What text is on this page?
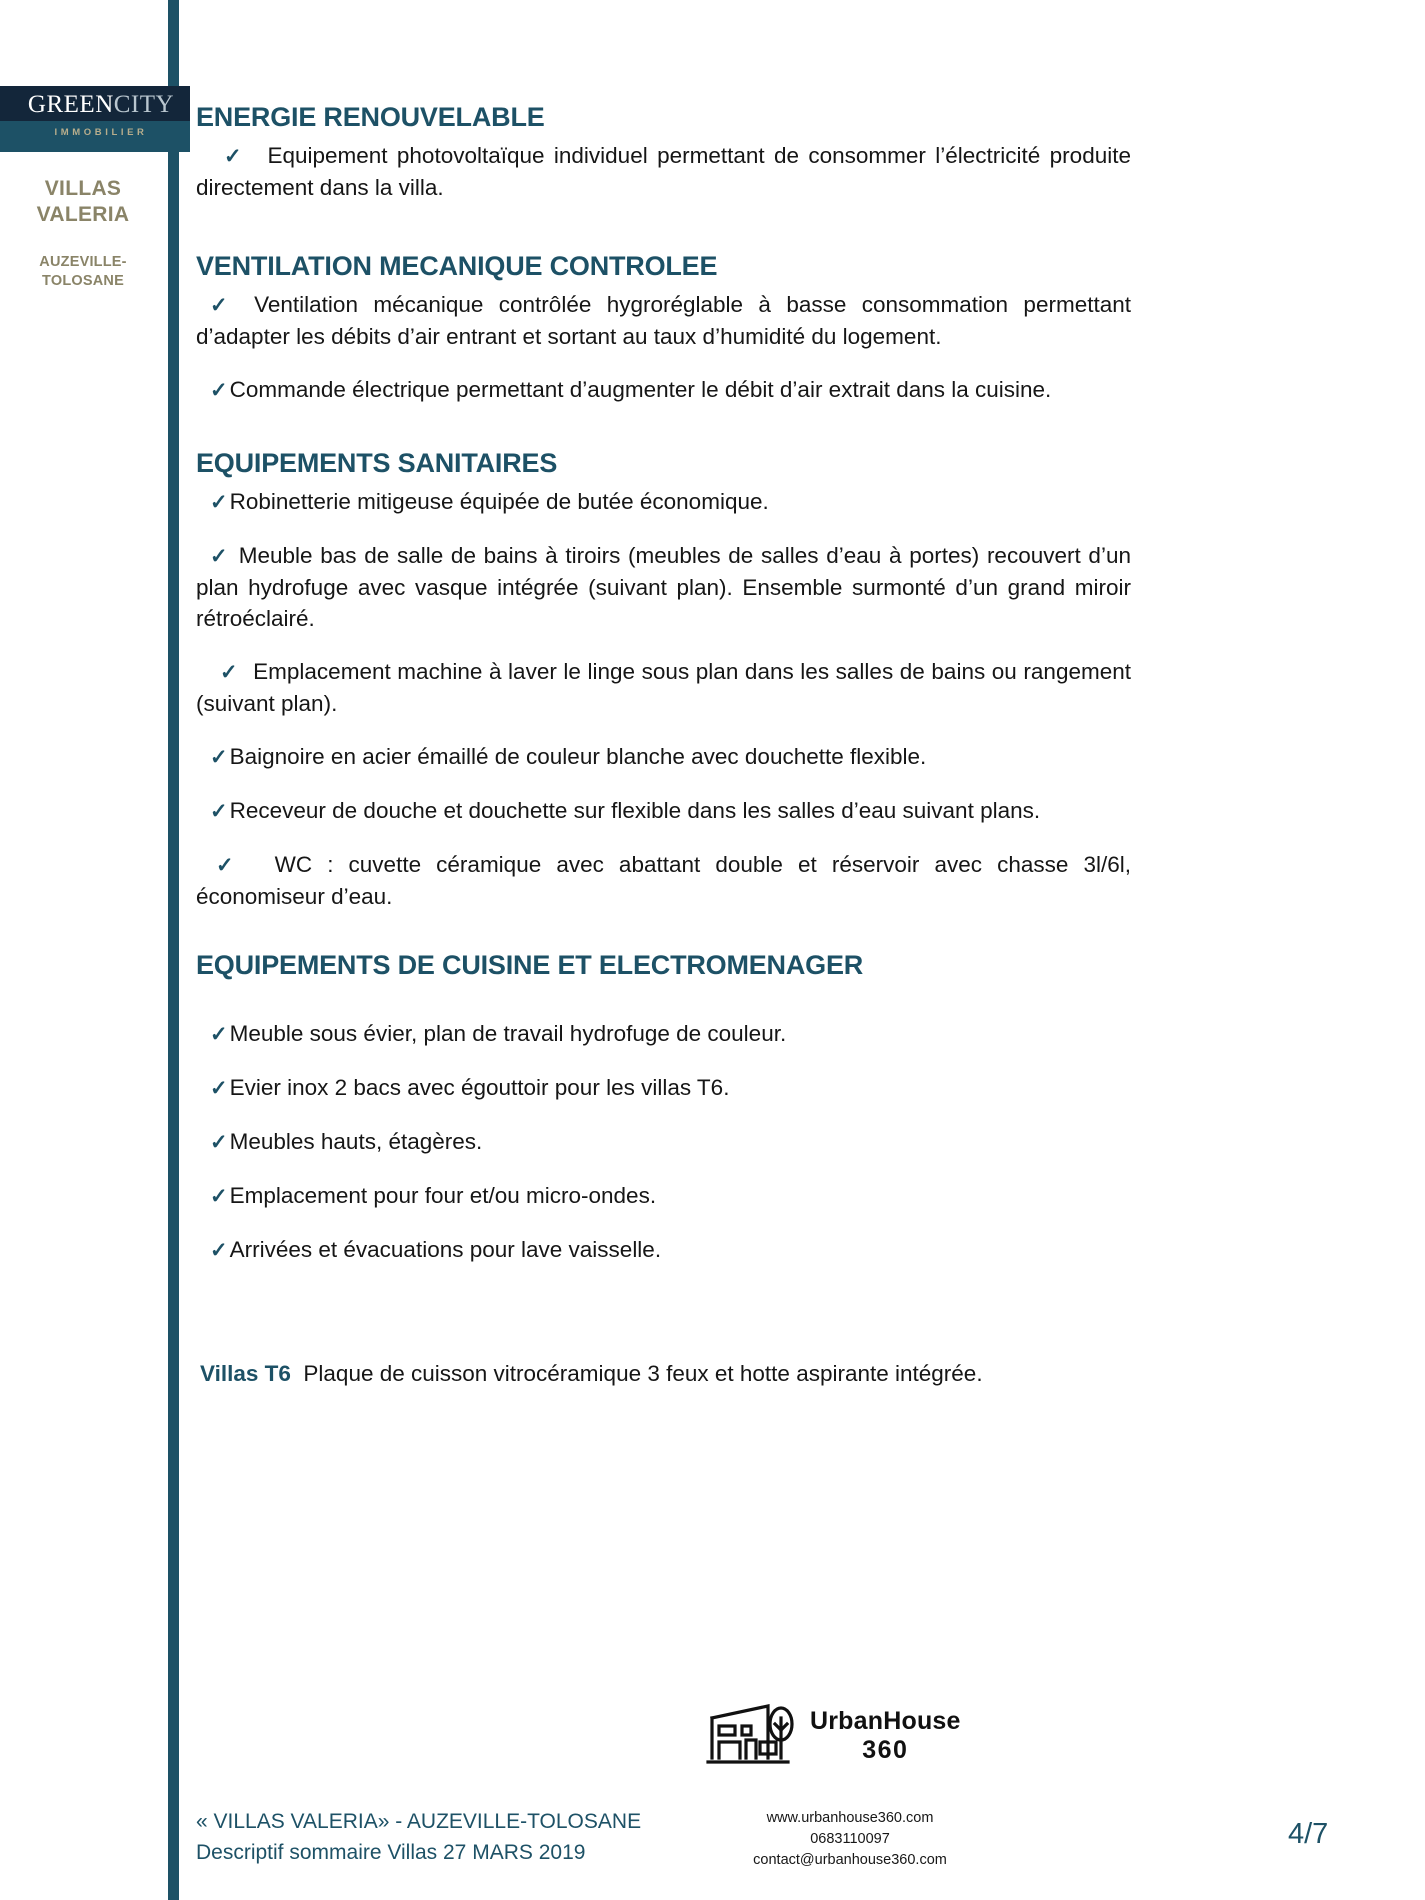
GREENCITY
IMMOBILIER
VILLAS
VALERIA
AUZEVILLE-
TOLOSANE
ENERGIE RENOUVELABLE

✓ Equipement photovoltaïque individuel permettant de consommer l’électricité produite directement dans la villa.

VENTILATION MECANIQUE CONTROLEE

✓ Ventilation mécanique contrôlée hygroréglable à basse consommation permettant d’adapter les débits d’air entrant et sortant au taux d’humidité du logement.

✓Commande électrique permettant d’augmenter le débit d’air extrait dans la cuisine.

EQUIPEMENTS SANITAIRES

✓Robinetterie mitigeuse équipée de butée économique.

✓ Meuble bas de salle de bains à tiroirs (meubles de salles d’eau à portes) recouvert d’un plan hydrofuge avec vasque intégrée (suivant plan). Ensemble surmonté d’un grand miroir rétroéclairé.

✓ Emplacement machine à laver le linge sous plan dans les salles de bains ou rangement (suivant plan).

✓Baignoire en acier émaillé de couleur blanche avec douchette flexible.

✓Receveur de douche et douchette sur flexible dans les salles d’eau suivant plans.

✓ WC : cuvette céramique avec abattant double et réservoir avec chasse 3l/6l, économiseur d’eau.

EQUIPEMENTS DE CUISINE ET ELECTROMENAGER

✓Meuble sous évier, plan de travail hydrofuge de couleur.

✓Evier inox 2 bacs avec égouttoir pour les villas T6.

✓Meubles hauts, étagères.

✓Emplacement pour four et/ou micro-ondes.

✓Arrivées et évacuations pour lave vaisselle.

Villas T6 Plaque de cuisson vitrocéramique 3 feux et hotte aspirante intégrée.

UrbanHouse
360
www.urbanhouse360.com
0683110097
contact@urbanhouse360.com
« VILLAS VALERIA» - AUZEVILLE-TOLOSANE
Descriptif sommaire Villas 27 MARS 2019
4/7
